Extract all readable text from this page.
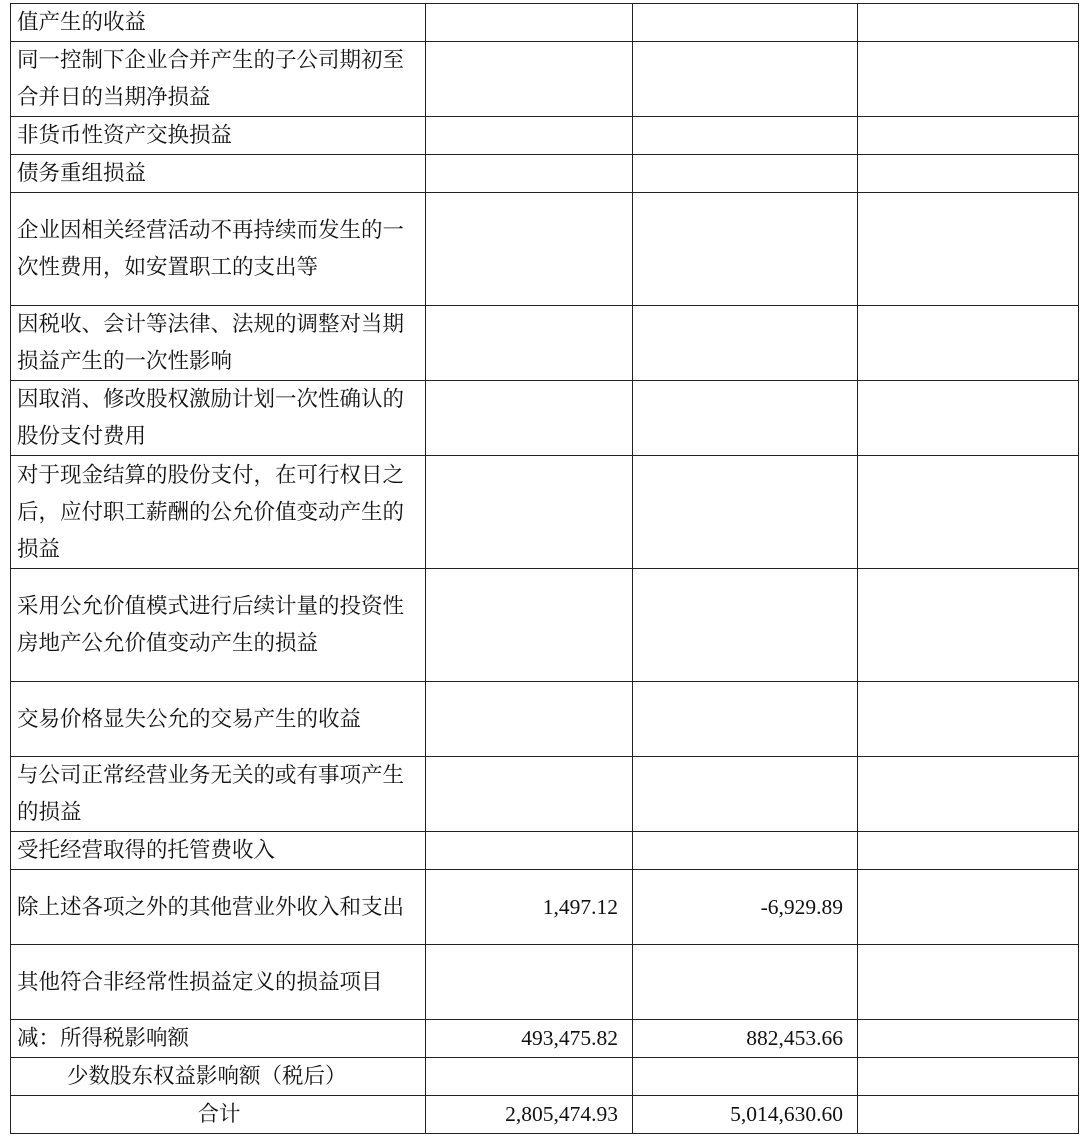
值产生的收益			
同一控制下企业合并产生的子公司期初至合并日的当期净损益			
非货币性资产交换损益			
债务重组损益			
企业因相关经营活动不再持续而发生的一次性费用，如安置职工的支出等			
因税收、会计等法律、法规的调整对当期损益产生的一次性影响			
因取消、修改股权激励计划一次性确认的股份支付费用			
对于现金结算的股份支付，在可行权日之后，应付职工薪酬的公允价值变动产生的损益			
采用公允价值模式进行后续计量的投资性房地产公允价值变动产生的损益			
交易价格显失公允的交易产生的收益			
与公司正常经营业务无关的或有事项产生的损益			
受托经营取得的托管费收入			
除上述各项之外的其他营业外收入和支出	1,497.12	-6,929.89	
其他符合非经常性损益定义的损益项目			
减：所得税影响额	493,475.82	882,453.66	
少数股东权益影响额（税后）			
合计	2,805,474.93	5,014,630.60	
